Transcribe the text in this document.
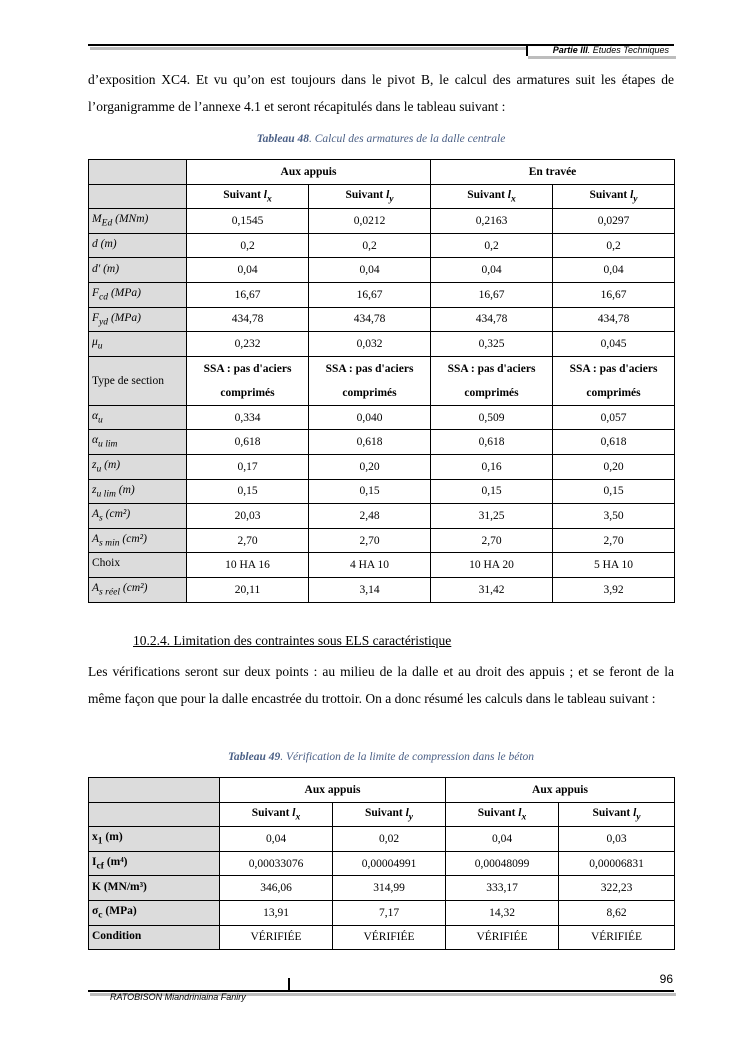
Partie III. Études Techniques
d’exposition XC4. Et vu qu’on est toujours dans le pivot B, le calcul des armatures suit les étapes de l’organigramme de l’annexe 4.1 et seront récapitulés dans le tableau suivant :
Tableau 48. Calcul des armatures de la dalle centrale
	Aux appuis		En travée	
	Suivant $l_x$	Suivant $l_y$	Suivant $l_x$	Suivant $l_y$
$M_{Ed}$ (MNm)	0,1545	0,0212	0,2163	0,0297
d (m)	0,2	0,2	0,2	0,2
d' (m)	0,04	0,04	0,04	0,04
$F_{cd}$ (MPa)	16,67	16,67	16,67	16,67
$F_{yd}$ (MPa)	434,78	434,78	434,78	434,78
$\mu_u$	0,232	0,032	0,325	0,045
Type de section	SSA : pas d'aciers comprimés	SSA : pas d'aciers comprimés	SSA : pas d'aciers comprimés	SSA : pas d'aciers comprimés
$\alpha_u$	0,334	0,040	0,509	0,057
$\alpha_{u lim}$	0,618	0,618	0,618	0,618
$z_u$ (m)	0,17	0,20	0,16	0,20
$z_{u lim}$ (m)	0,15	0,15	0,15	0,15
$A_s$ (cm²)	20,03	2,48	31,25	3,50
$A_{s min}$ (cm²)	2,70	2,70	2,70	2,70
Choix	10 HA 16	4 HA 10	10 HA 20	5 HA 10
$A_{s réel}$ (cm²)	20,11	3,14	31,42	3,92
10.2.4. Limitation des contraintes sous ELS caractéristique
Les vérifications seront sur deux points : au milieu de la dalle et au droit des appuis ; et se feront de la même façon que pour la dalle encastrée du trottoir. On a donc résumé les calculs dans le tableau suivant :
Tableau 49. Vérification de la limite de compression dans le béton
	Aux appuis		Aux appuis	
	Suivant $l_x$	Suivant $l_y$	Suivant $l_x$	Suivant $l_y$
$x_1$ (m)	0,04	0,02	0,04	0,03
$I_{cf}$ (m⁴)	0,00033076	0,00004991	0,00048099	0,00006831
K (MN/m³)	346,06	314,99	333,17	322,23
$\sigma_c$ (MPa)	13,91	7,17	14,32	8,62
Condition	VÉRIFIÉE	VÉRIFIÉE	VÉRIFIÉE	VÉRIFIÉE
96
RATOBISON Miandriniaina Faniry
